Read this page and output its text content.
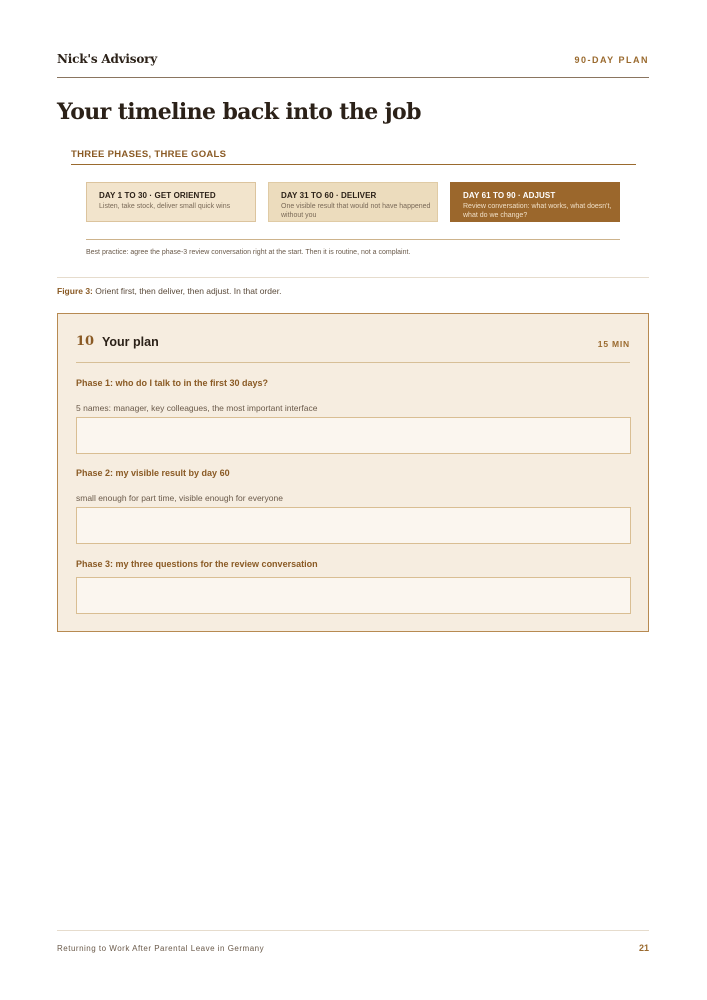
Nick's Advisory	90-DAY PLAN
Your timeline back into the job
THREE PHASES, THREE GOALS
DAY 1 TO 30 · GET ORIENTED
Listen, take stock, deliver small quick wins
DAY 31 TO 60 · DELIVER
One visible result that would not have happened without you
DAY 61 TO 90 · ADJUST
Review conversation: what works, what doesn't, what do we change?
Best practice: agree the phase-3 review conversation right at the start. Then it is routine, not a complaint.
Figure 3: Orient first, then deliver, then adjust. In that order.
10 Your plan	15 MIN
Phase 1: who do I talk to in the first 30 days?
5 names: manager, key colleagues, the most important interface
Phase 2: my visible result by day 60
small enough for part time, visible enough for everyone
Phase 3: my three questions for the review conversation
Returning to Work After Parental Leave in Germany	21
